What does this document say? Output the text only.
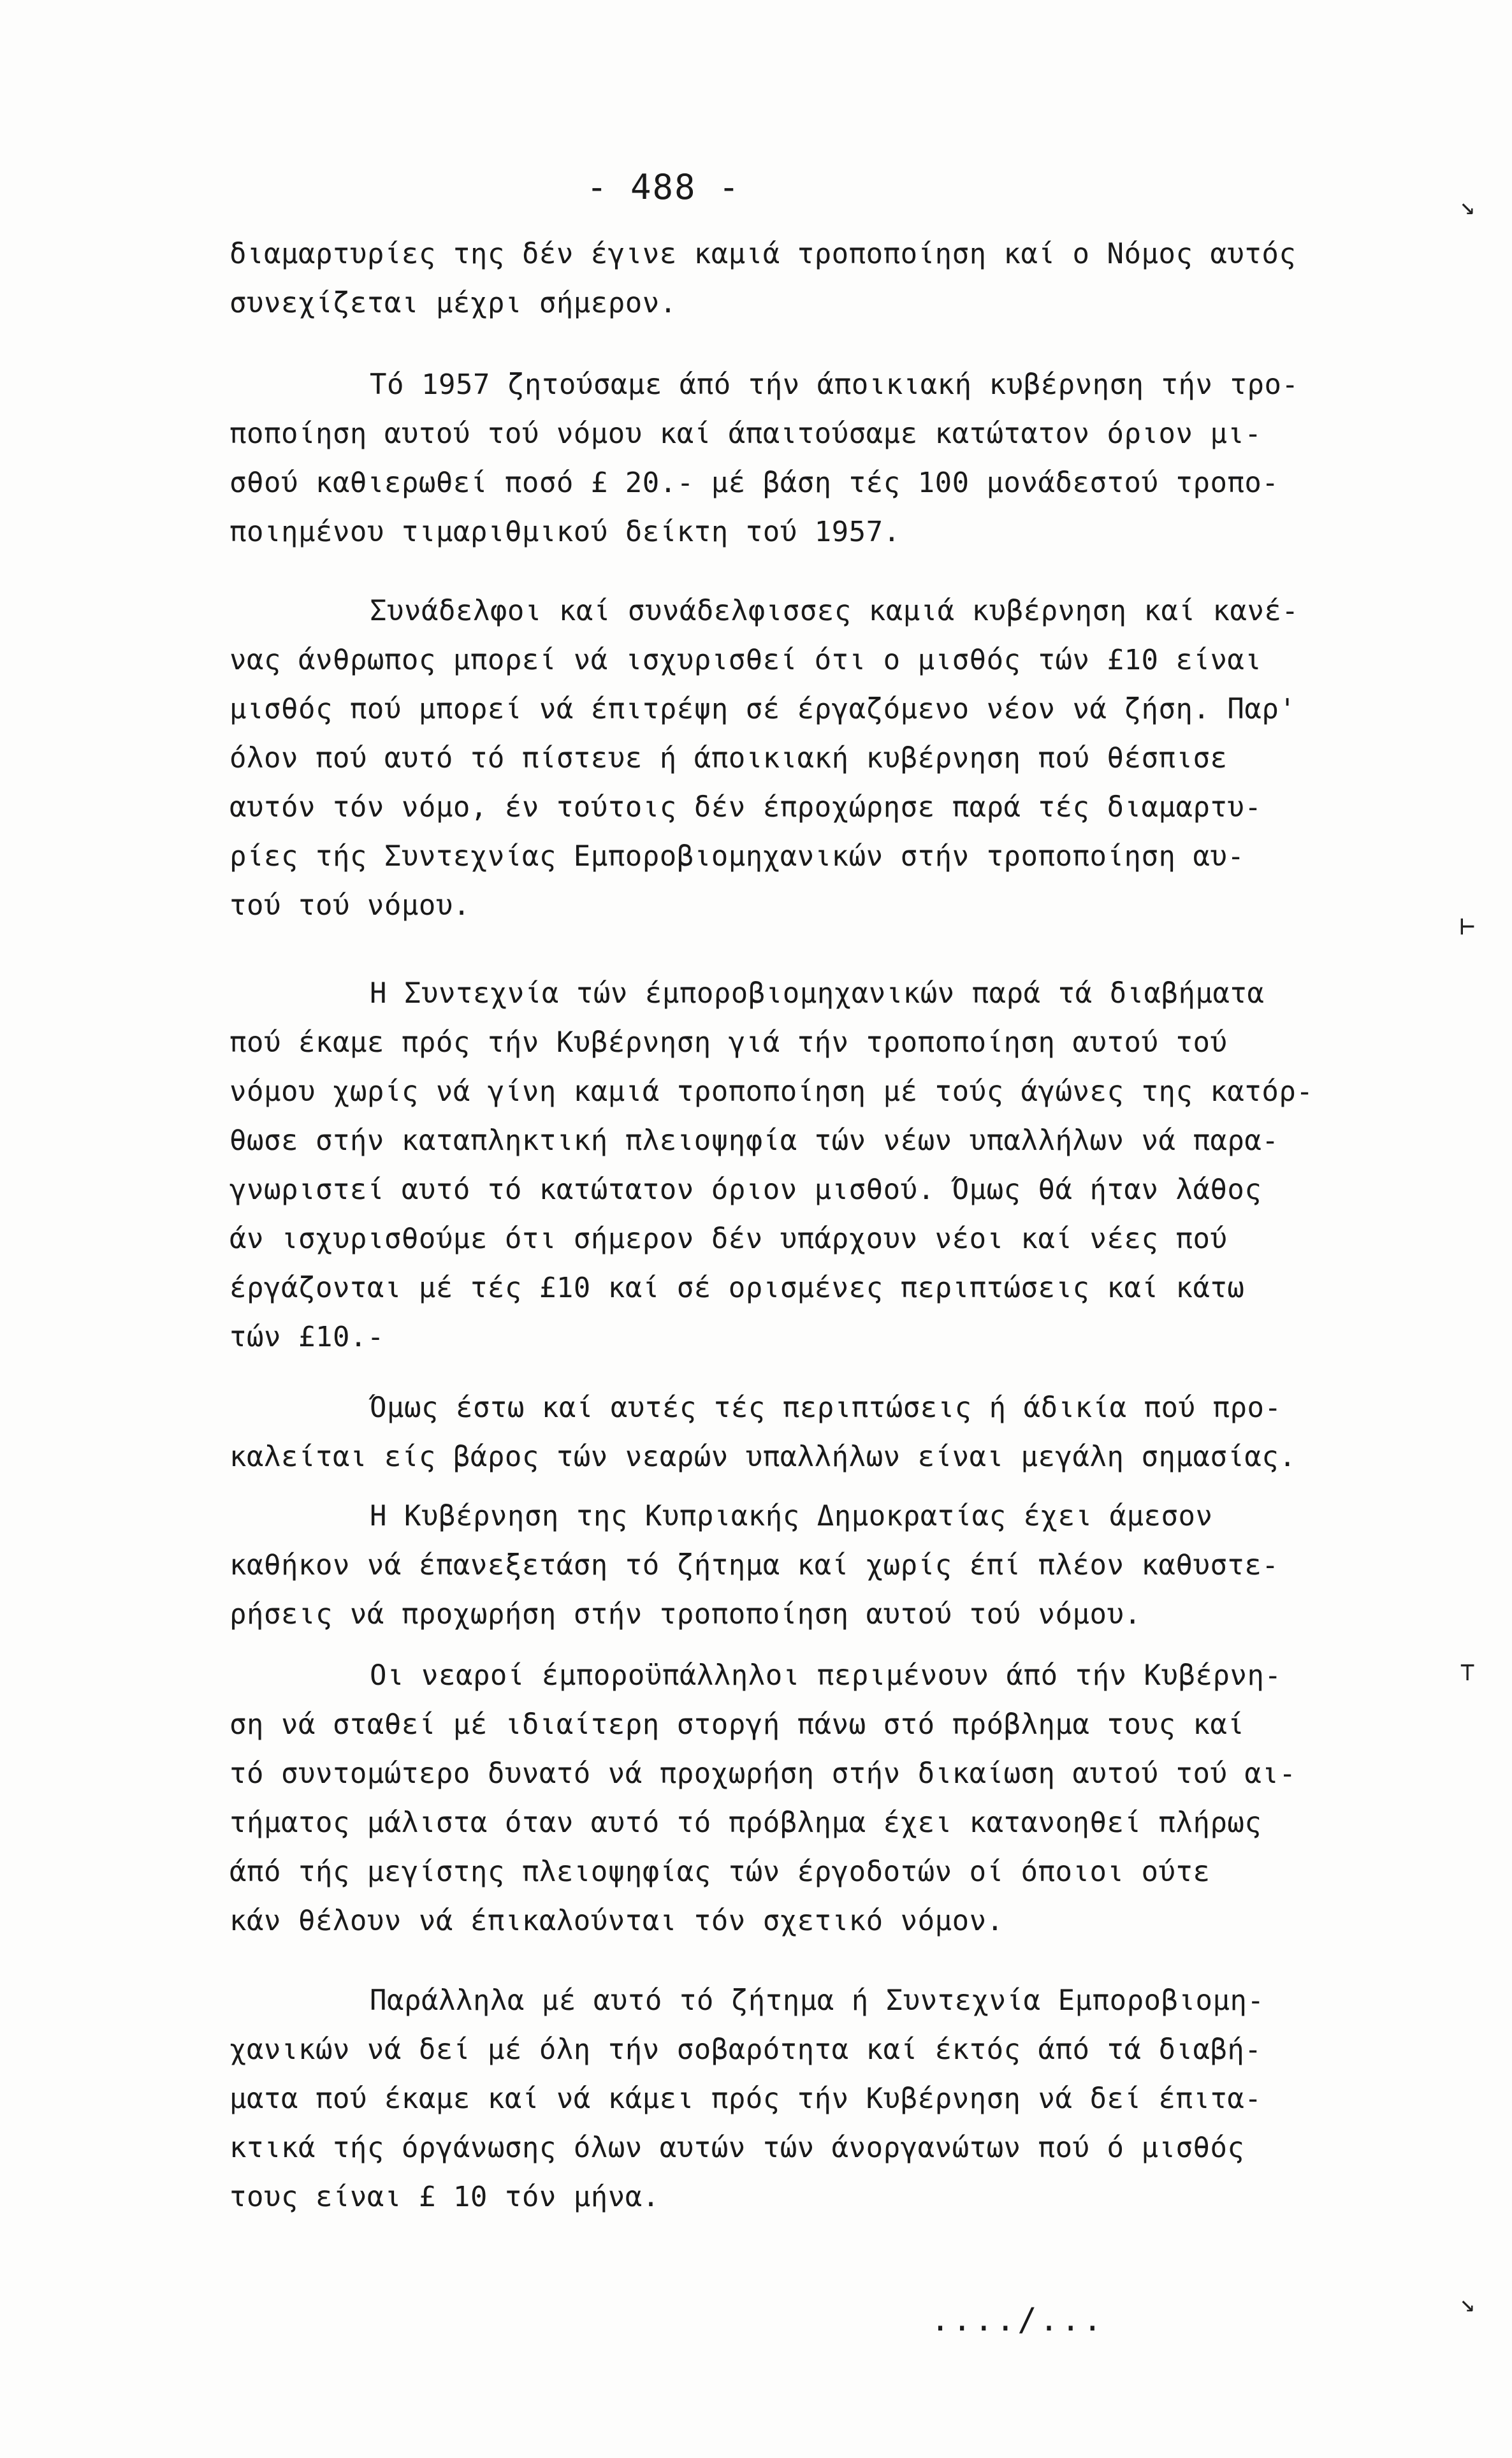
- 488 -

διαμαρτυρίες της δέν έγινε καμιά τροποποίηση καί ο Νόμος αυτός
συνεχίζεται μέχρι σήμερον.

Τό 1957 ζητούσαμε άπό τήν άποικιακή κυβέρνηση τήν τρο-
ποποίηση αυτού τού νόμου καί άπαιτούσαμε κατώτατον όριον μι-
σθού καθιερωθεί ποσό £ 20.- μέ βάση τές 100 μονάδεστού τροπο-
ποιημένου τιμαριθμικού δείκτη τού 1957.

Συνάδελφοι καί συνάδελφισσες καμιά κυβέρνηση καί κανέ-
νας άνθρωπος μπορεί νά ισχυρισθεί ότι ο μισθός τών £10 είναι
μισθός πού μπορεί νά έπιτρέψη σέ έργαζόμενο νέον νά ζήση. Παρ'
όλον πού αυτό τό πίστευε ή άποικιακή κυβέρνηση πού θέσπισε
αυτόν τόν νόμο, έν τούτοις δέν έπροχώρησε παρά τές διαμαρτυ-
ρίες τής Συντεχνίας Εμποροβιομηχανικών στήν τροποποίηση αυ-
τού τού νόμου.

Η Συντεχνία τών έμποροβιομηχανικών παρά τά διαβήματα
πού έκαμε πρός τήν Κυβέρνηση γιά τήν τροποποίηση αυτού τού
νόμου χωρίς νά γίνη καμιά τροποποίηση μέ τούς άγώνες της κατόρ-
θωσε στήν καταπληκτική πλειοψηφία τών νέων υπαλλήλων νά παρα-
γνωριστεί αυτό τό κατώτατον όριον μισθού. Όμως θά ήταν λάθος
άν ισχυρισθούμε ότι σήμερον δέν υπάρχουν νέοι καί νέες πού
έργάζονται μέ τές £10 καί σέ ορισμένες περιπτώσεις καί κάτω
τών £10.-

Όμως έστω καί αυτές τές περιπτώσεις ή άδικία πού προ-
καλείται είς βάρος τών νεαρών υπαλλήλων είναι μεγάλη σημασίας.

Η Κυβέρνηση της Κυπριακής Δημοκρατίας έχει άμεσον
καθήκον νά έπανεξετάση τό ζήτημα καί χωρίς έπί πλέον καθυστε-
ρήσεις νά προχωρήση στήν τροποποίηση αυτού τού νόμου.

Οι νεαροί έμποροϋπάλληλοι περιμένουν άπό τήν Κυβέρνη-
ση νά σταθεί μέ ιδιαίτερη στοργή πάνω στό πρόβλημα τους καί
τό συντομώτερο δυνατό νά προχωρήση στήν δικαίωση αυτού τού αι-
τήματος μάλιστα όταν αυτό τό πρόβλημα έχει κατανοηθεί πλήρως
άπό τής μεγίστης πλειοψηφίας τών έργοδοτών οί όποιοι ούτε
κάν θέλουν νά έπικαλούνται τόν σχετικό νόμον.

Παράλληλα μέ αυτό τό ζήτημα ή Συντεχνία Εμποροβιομη-
χανικών νά δεί μέ όλη τήν σοβαρότητα καί έκτός άπό τά διαβή-
ματα πού έκαμε καί νά κάμει πρός τήν Κυβέρνηση νά δεί έπιτα-
κτικά τής όργάνωσης όλων αυτών τών άνοργανώτων πού ό μισθός
τους είναι £ 10 τόν μήνα.

..../...
↘
⊢
⊤
↘
